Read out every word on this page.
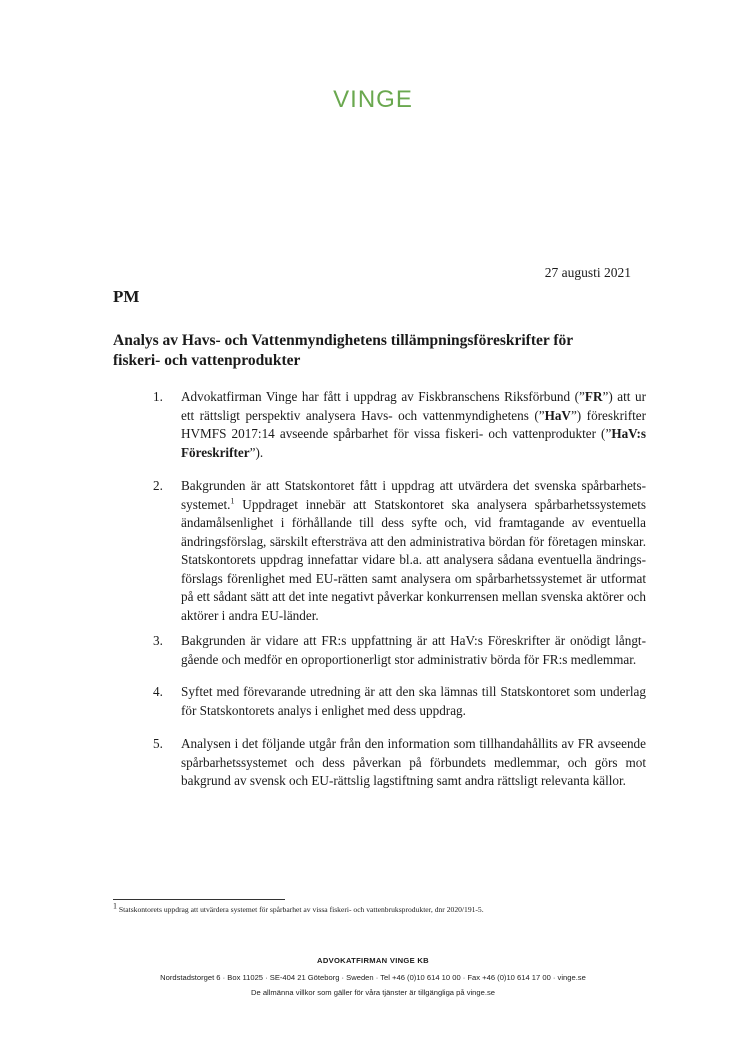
VINGE
27 augusti 2021
PM
Analys av Havs- och Vattenmyndighetens tillämpningsföreskrifter för
fiskeri- och vattenprodukter
1.	Advokatfirman Vinge har fått i uppdrag av Fiskbranschens Riksförbund (”FR”) att ur ett rättsligt perspektiv analysera Havs- och vattenmyndighetens (”HaV”) föreskrifter HVMFS 2017:14 avseende spårbarhet för vissa fiskeri- och vattenprodukter (”HaV:s Föreskrifter”).
2.	Bakgrunden är att Statskontoret fått i uppdrag att utvärdera det svenska spårbarhets-systemet.$^1$ Uppdraget innebär att Statskontoret ska analysera spårbarhetssystemets ändamålsenlighet i förhållande till dess syfte och, vid framtagande av eventuella ändringsförslag, särskilt eftersträva att den administrativa bördan för företagen minskar. Statskontorets uppdrag innefattar vidare bl.a. att analysera sådana eventuella ändrings-förslags förenlighet med EU-rätten samt analysera om spårbarhetssystemet är utformat på ett sådant sätt att det inte negativt påverkar konkurrensen mellan svenska aktörer och aktörer i andra EU-länder.
3.	Bakgrunden är vidare att FR:s uppfattning är att HaV:s Föreskrifter är onödigt långt-gående och medför en oproportionerligt stor administrativ börda för FR:s medlemmar.
4.	Syftet med förevarande utredning är att den ska lämnas till Statskontoret som underlag för Statskontorets analys i enlighet med dess uppdrag.
5.	Analysen i det följande utgår från den information som tillhandahållits av FR avseende spårbarhetssystemet och dess påverkan på förbundets medlemmar, och görs mot bakgrund av svensk och EU-rättslig lagstiftning samt andra rättsligt relevanta källor.
$^1$ Statskontorets uppdrag att utvärdera systemet för spårbarhet av vissa fiskeri- och vattenbruksprodukter, dnr 2020/191-5.
ADVOKATFIRMAN VINGE KB
Nordstadstorget 6 · Box 11025 · SE-404 21 Göteborg · Sweden · Tel +46 (0)10 614 10 00 · Fax +46 (0)10 614 17 00 · vinge.se
De allmänna villkor som gäller för våra tjänster är tillgängliga på vinge.se
